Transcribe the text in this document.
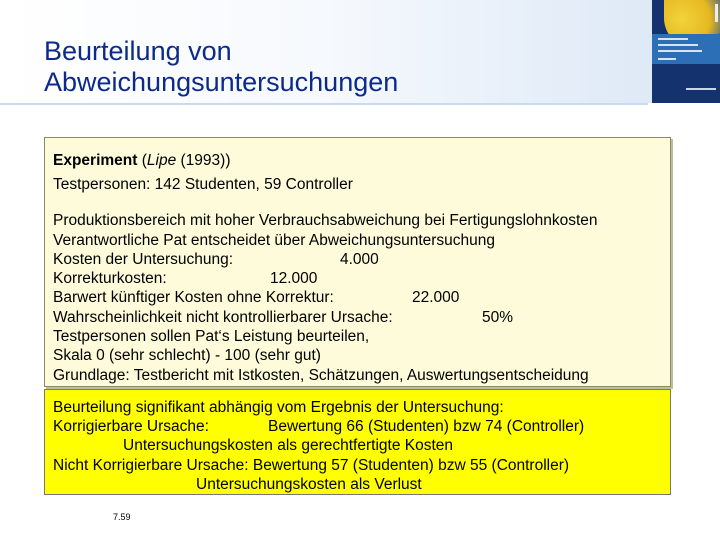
Beurteilung von
Abweichungsuntersuchungen
Experiment (Lipe (1993))
Testpersonen: 142 Studenten, 59 Controller
Produktionsbereich mit hoher Verbrauchsabweichung bei Fertigungslohnkosten
Verantwortliche Pat entscheidet über Abweichungsuntersuchung
Kosten der Untersuchung:	4.000
Korrekturkosten:	12.000
Barwert künftiger Kosten ohne Korrektur:	22.000
Wahrscheinlichkeit nicht kontrollierbarer Ursache:	50%
Testpersonen sollen Pat‘s Leistung beurteilen,
Skala 0 (sehr schlecht) - 100 (sehr gut)
Grundlage: Testbericht mit Istkosten, Schätzungen, Auswertungsentscheidung
Beurteilung signifikant abhängig vom Ergebnis der Untersuchung:
Korrigierbare Ursache:	Bewertung 66 (Studenten) bzw 74 (Controller)
Untersuchungskosten als gerechtfertigte Kosten
Nicht Korrigierbare Ursache: Bewertung 57 (Studenten) bzw 55 (Controller)
Untersuchungskosten als Verlust
7.59
